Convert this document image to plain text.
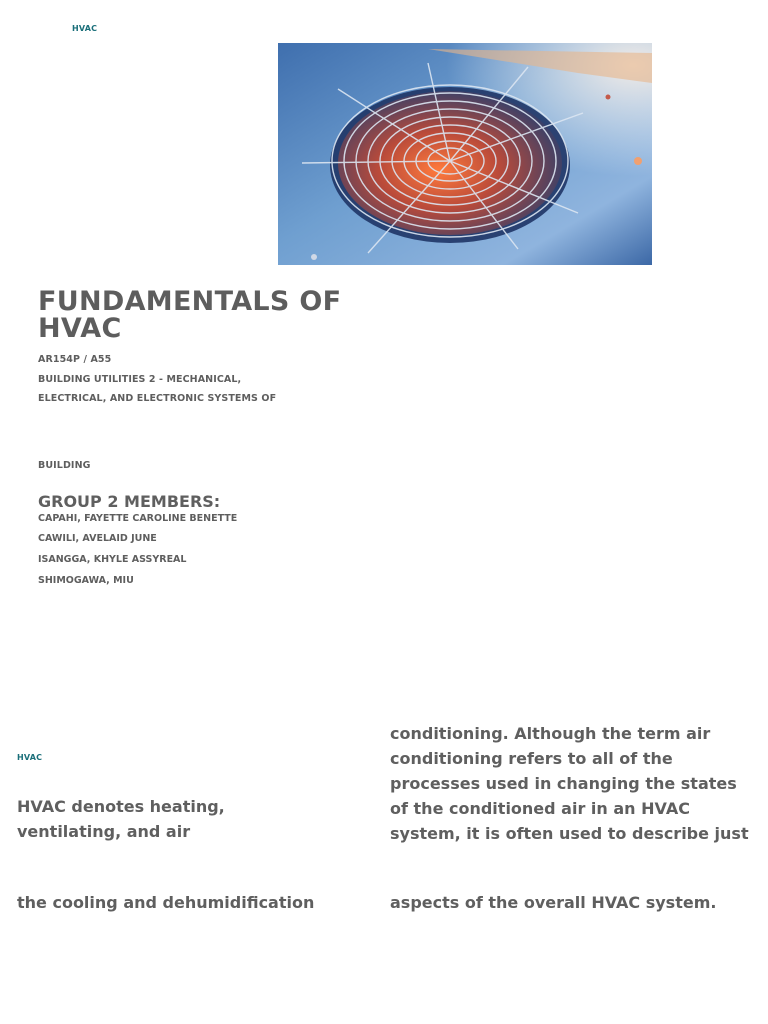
HVAC
FUNDAMENTALS OF HVAC
AR154P / A55
BUILDING UTILITIES 2 - MECHANICAL,
ELECTRICAL, AND ELECTRONIC SYSTEMS OF
BUILDING
GROUP 2 MEMBERS:
CAPAHI, FAYETTE CAROLINE BENETTE
CAWILI, AVELAID JUNE
ISANGGA, KHYLE ASSYREAL
SHIMOGAWA, MIU
HVAC
HVAC denotes heating,
ventilating, and air
the cooling and dehumidification
conditioning. Although the term air
conditioning refers to all of the
processes used in changing the states
of the conditioned air in an HVAC
system, it is often used to describe just
aspects of the overall HVAC system.
